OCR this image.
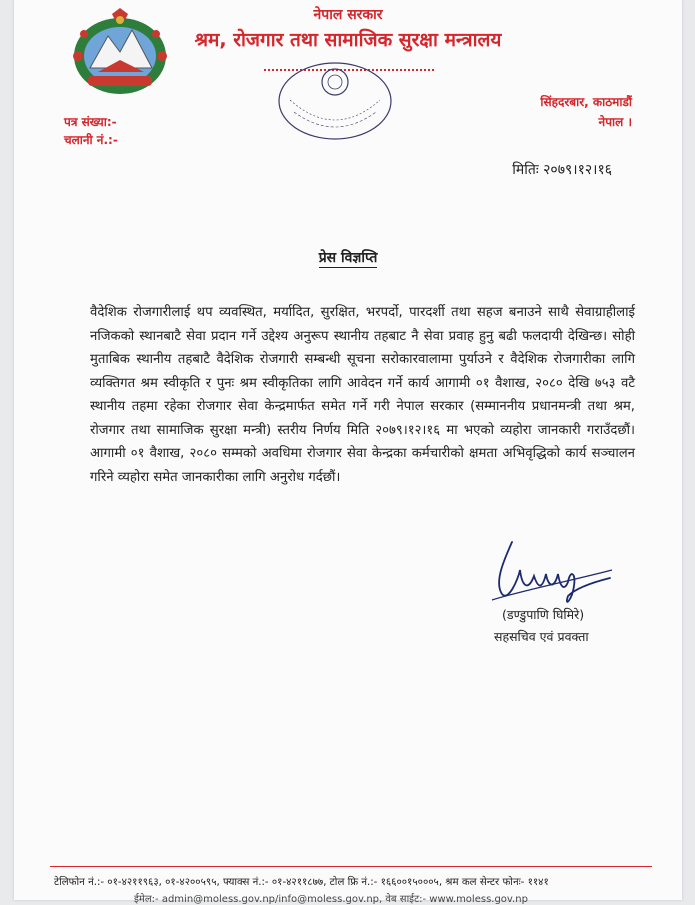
नेपाल सरकार
श्रम, रोजगार तथा सामाजिक सुरक्षा मन्त्रालय
पत्र संख्या:-
चलानी नं.:-
सिंहदरबार, काठमाडौं
नेपाल ।
मितिः २०७९।१२।१६
प्रेस विज्ञप्ति
वैदेशिक रोजगारीलाई थप व्यवस्थित, मर्यादित, सुरक्षित, भरपर्दो, पारदर्शी तथा सहज बनाउने साथै सेवाग्राहीलाई नजिकको स्थानबाटै सेवा प्रदान गर्ने उद्देश्य अनुरूप स्थानीय तहबाट नै सेवा प्रवाह हुनु बढी फलदायी देखिन्छ। सोही मुताबिक स्थानीय तहबाटै वैदेशिक रोजगारी सम्बन्धी सूचना सरोकारवालामा पुर्याउने र वैदेशिक रोजगारीका लागि व्यक्तिगत श्रम स्वीकृति र पुनः श्रम स्वीकृतिका लागि आवेदन गर्ने कार्य आगामी ०१ वैशाख, २०८० देखि ७५३ वटै स्थानीय तहमा रहेका रोजगार सेवा केन्द्रमार्फत समेत गर्ने गरी नेपाल सरकार (सम्माननीय प्रधानमन्त्री तथा श्रम, रोजगार तथा सामाजिक सुरक्षा मन्त्री) स्तरीय निर्णय मिति २०७९।१२।१६ मा भएको व्यहोरा जानकारी गराउँदछौं। आगामी ०१ वैशाख, २०८० सम्मको अवधिमा रोजगार सेवा केन्द्रका कर्मचारीको क्षमता अभिवृद्धिको कार्य सञ्चालन गरिने व्यहोरा समेत जानकारीका लागि अनुरोध गर्दछौं।
(डण्डुपाणि घिमिरे)
सहसचिव एवं प्रवक्ता
टेलिफोन नं.:- ०१-४२११९६३, ०१-४२००५९५, फ्याक्स नं.:- ०१-४२११८७७, टोल फ्रि नं.:- १६६००१५०००५, श्रम कल सेन्टर फोनः- ११४१
ईमेल:- admin@moless.gov.np/info@moless.gov.np, वेब साईट:- www.moless.gov.np
